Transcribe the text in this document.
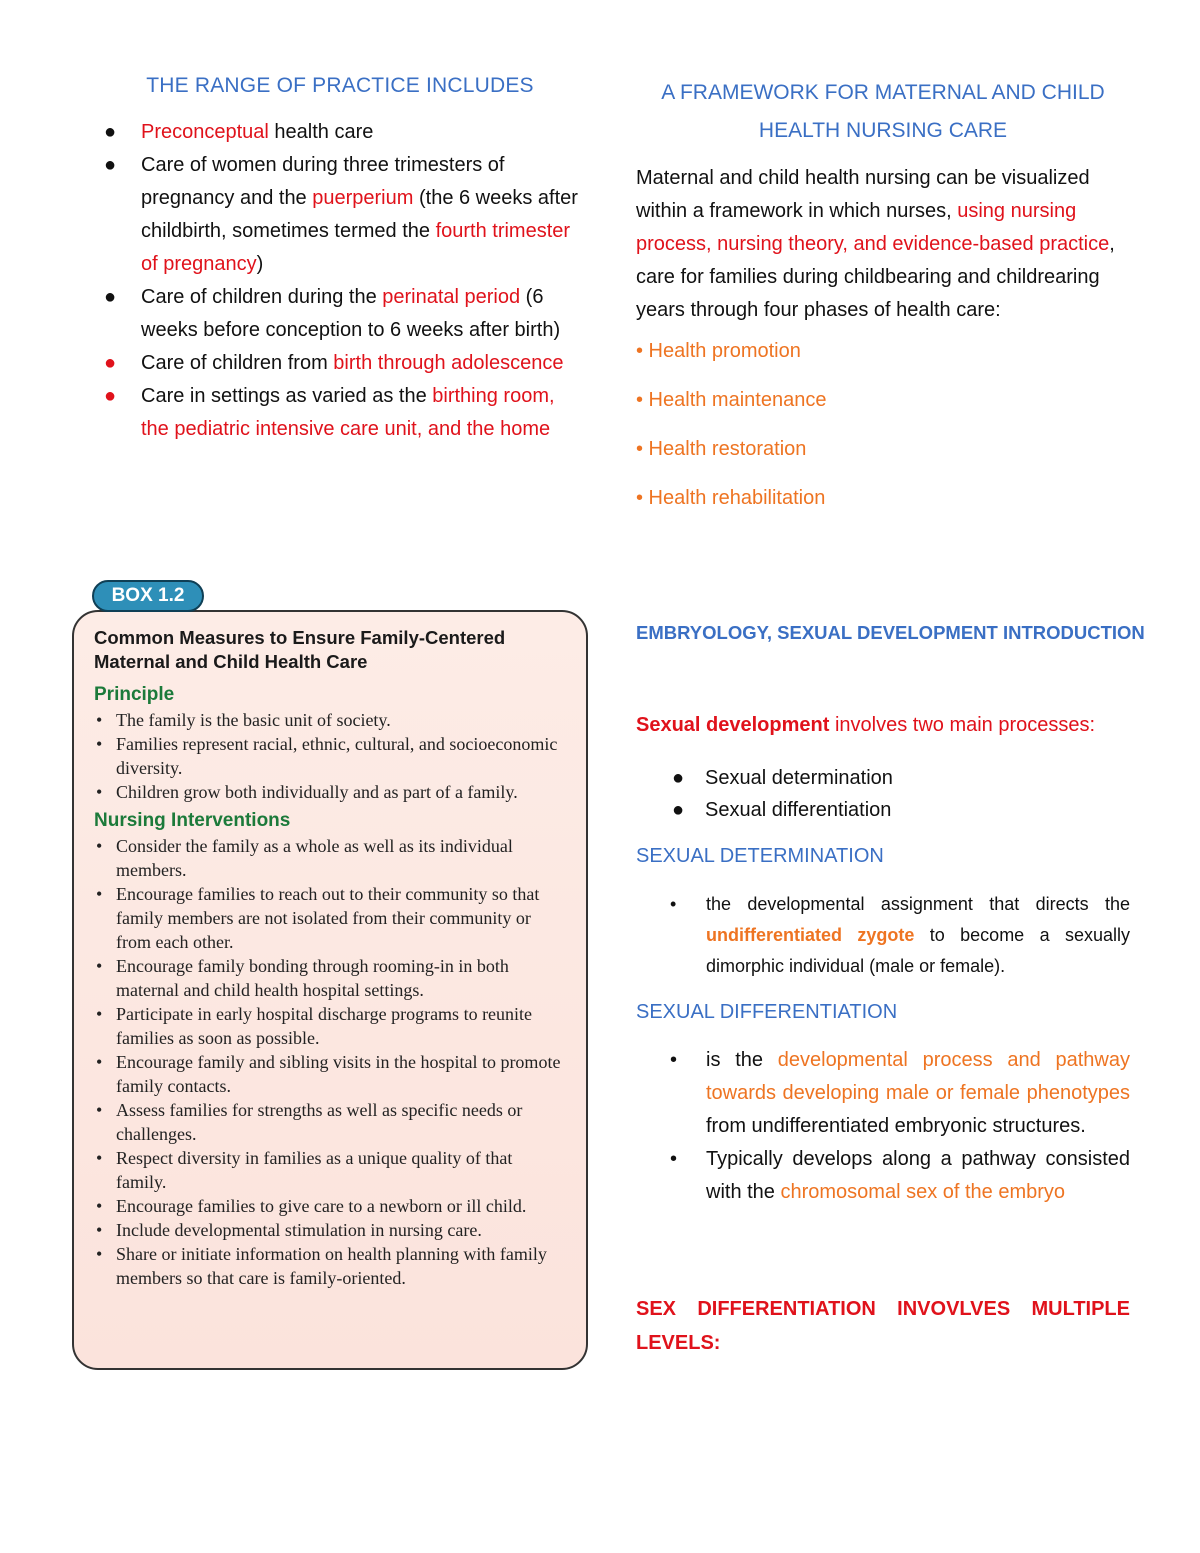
THE RANGE OF PRACTICE INCLUDES
● Preconceptual health care
● Care of women during three trimesters of pregnancy and the puerperium (the 6 weeks after childbirth, sometimes termed the fourth trimester of pregnancy)
● Care of children during the perinatal period (6 weeks before conception to 6 weeks after birth)
● Care of children from birth through adolescence
● Care in settings as varied as the birthing room, the pediatric intensive care unit, and the home
Common Measures to Ensure Family-Centered Maternal and Child Health Care
Principle
• The family is the basic unit of society.
• Families represent racial, ethnic, cultural, and socioeconomic diversity.
• Children grow both individually and as part of a family.
Nursing Interventions
• Consider the family as a whole as well as its individual members.
• Encourage families to reach out to their community so that family members are not isolated from their community or from each other.
• Encourage family bonding through rooming-in in both maternal and child health hospital settings.
• Participate in early hospital discharge programs to reunite families as soon as possible.
• Encourage family and sibling visits in the hospital to promote family contacts.
• Assess families for strengths as well as specific needs or challenges.
• Respect diversity in families as a unique quality of that family.
• Encourage families to give care to a newborn or ill child.
• Include developmental stimulation in nursing care.
• Share or initiate information on health planning with family members so that care is family-oriented.
BOX 1.2
A FRAMEWORK FOR MATERNAL AND CHILD
HEALTH NURSING CARE
Maternal and child health nursing can be visualized within a framework in which nurses, using nursing process, nursing theory, and evidence-based practice, care for families during childbearing and childrearing years through four phases of health care:
• Health promotion
• Health maintenance
• Health restoration
• Health rehabilitation
EMBRYOLOGY, SEXUAL DEVELOPMENT INTRODUCTION
Sexual development involves two main processes:
● Sexual determination
● Sexual differentiation
SEXUAL DETERMINATION
• the developmental assignment that directs the undifferentiated zygote to become a sexually dimorphic individual (male or female).
SEXUAL DIFFERENTIATION

• is the developmental process and pathway towards developing male or female phenotypes from undifferentiated embryonic structures.

• Typically develops along a pathway consisted with the chromosomal sex of the embryo

SEX DIFFERENTIATION INVOVLVES MULTIPLE LEVELS:
